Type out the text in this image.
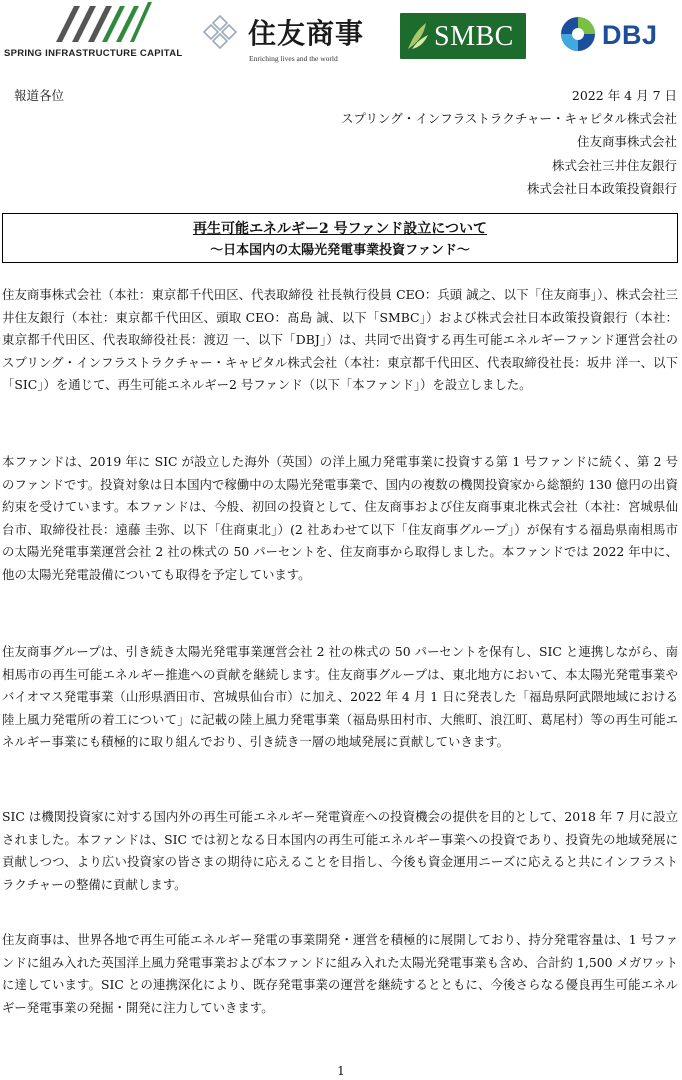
SPRING INFRASTRUCTURE CAPITAL
住友商事
Enriching lives and the world
SMBC	DBJ
報道各位	2022 年 4 月 7 日
スプリング・インフラストラクチャー・キャピタル株式会社
住友商事株式会社
株式会社三井住友銀行
株式会社日本政策投資銀行
再生可能エネルギー2 号ファンド設立について
～日本国内の太陽光発電事業投資ファンド～

住友商事株式会社（本社：東京都千代田区、代表取締役 社長執行役員 CEO：兵頭 誠之、以下「住友商事」）、株式会社三井住友銀行（本社：東京都千代田区、頭取 CEO：髙島 誠、以下「SMBC」）および株式会社日本政策投資銀行（本社：東京都千代田区、代表取締役社長：渡辺 一、以下「DBJ」）は、共同で出資する再生可能エネルギーファンド運営会社のスプリング・インフラストラクチャー・キャピタル株式会社（本社：東京都千代田区、代表取締役社長：坂井 洋一、以下「SIC」）を通じて、再生可能エネルギー2 号ファンド（以下「本ファンド」）を設立しました。

本ファンドは、2019 年に SIC が設立した海外（英国）の洋上風力発電事業に投資する第 1 号ファンドに続く、第 2 号のファンドです。投資対象は日本国内で稼働中の太陽光発電事業で、国内の複数の機関投資家から総額約 130 億円の出資約束を受けています。本ファンドは、今般、初回の投資として、住友商事および住友商事東北株式会社（本社：宮城県仙台市、取締役社長：遠藤 圭弥、以下「住商東北」）(2 社あわせて以下「住友商事グループ」）が保有する福島県南相馬市の太陽光発電事業運営会社 2 社の株式の 50 パーセントを、住友商事から取得しました。本ファンドでは 2022 年中に、他の太陽光発電設備についても取得を予定しています。

住友商事グループは、引き続き太陽光発電事業運営会社 2 社の株式の 50 パーセントを保有し、SIC と連携しながら、南相馬市の再生可能エネルギー推進への貢献を継続します。住友商事グループは、東北地方において、本太陽光発電事業やバイオマス発電事業（山形県酒田市、宮城県仙台市）に加え、2022 年 4 月 1 日に発表した「福島県阿武隈地域における陸上風力発電所の着工について」に記載の陸上風力発電事業（福島県田村市、大熊町、浪江町、葛尾村）等の再生可能エネルギー事業にも積極的に取り組んでおり、引き続き一層の地域発展に貢献していきます。

SIC は機関投資家に対する国内外の再生可能エネルギー発電資産への投資機会の提供を目的として、2018 年 7 月に設立されました。本ファンドは、SIC では初となる日本国内の再生可能エネルギー事業への投資であり、投資先の地域発展に貢献しつつ、より広い投資家の皆さまの期待に応えることを目指し、今後も資金運用ニーズに応えると共にインフラストラクチャーの整備に貢献します。

住友商事は、世界各地で再生可能エネルギー発電の事業開発・運営を積極的に展開しており、持分発電容量は、1 号ファンドに組み入れた英国洋上風力発電事業および本ファンドに組み入れた太陽光発電事業も含め、合計約 1,500 メガワットに達しています。SIC との連携深化により、既存発電事業の運営を継続するとともに、今後さらなる優良再生可能エネルギー発電事業の発掘・開発に注力していきます。

1
